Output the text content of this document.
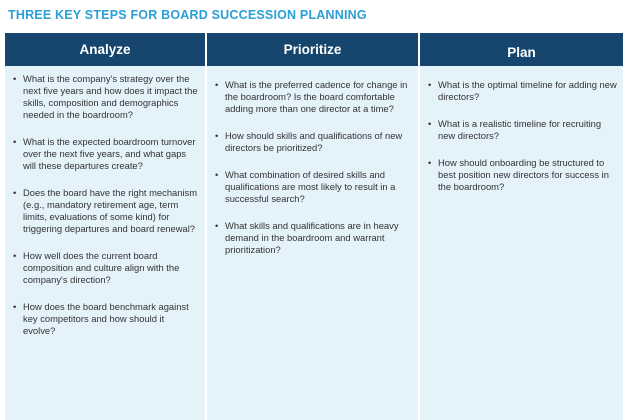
THREE KEY STEPS FOR BOARD SUCCESSION PLANNING
Analyze
• What is the company's strategy over the next five years and how does it impact the skills, composition and demographics needed in the boardroom?
• What is the expected boardroom turnover over the next five years, and what gaps will these departures create?
• Does the board have the right mechanism (e.g., mandatory retirement age, term limits, evaluations of some kind) for triggering departures and board renewal?
• How well does the current board composition and culture align with the company's direction?
• How does the board benchmark against key competitors and how should it evolve?
Prioritize
• What is the preferred cadence for change in the boardroom? Is the board comfortable adding more than one director at a time?
• How should skills and qualifications of new directors be prioritized?
• What combination of desired skills and qualifications are most likely to result in a successful search?
• What skills and qualifications are in heavy demand in the boardroom and warrant prioritization?
Plan
• What is the optimal timeline for adding new directors?
• What is a realistic timeline for recruiting new directors?
• How should onboarding be structured to best position new directors for success in the boardroom?
